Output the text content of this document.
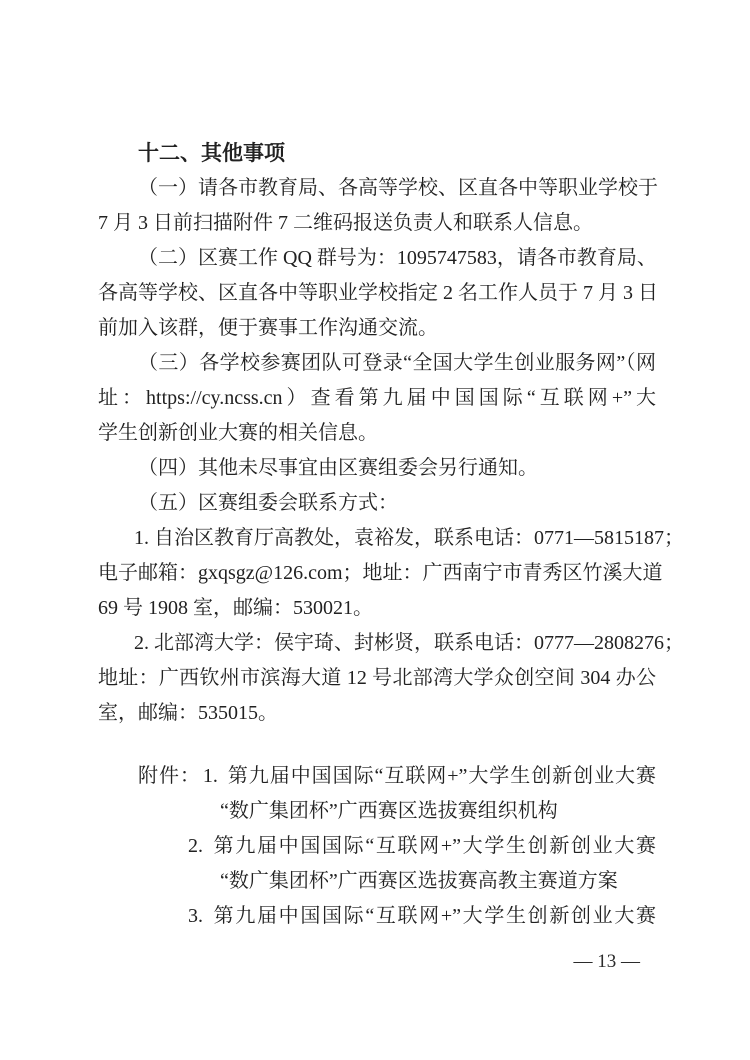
十二、其他事项
（一）请各市教育局、各高等学校、区直各中等职业学校于
7 月 3 日前扫描附件 7 二维码报送负责人和联系人信息。
（二）区赛工作 QQ 群号为：1095747583，请各市教育局、
各高等学校、区直各中等职业学校指定 2 名工作人员于 7 月 3 日
前加入该群，便于赛事工作沟通交流。
（三）各学校参赛团队可登录“全国大学生创业服务网”（网
址：https://cy.ncss.cn）查看第九届中国国际“互联网+”大
学生创新创业大赛的相关信息。
（四）其他未尽事宜由区赛组委会另行通知。
（五）区赛组委会联系方式：
1. 自治区教育厅高教处，袁裕发，联系电话：0771—5815187；
电子邮箱：gxqsgz@126.com；地址：广西南宁市青秀区竹溪大道
69 号 1908 室，邮编：530021。
2. 北部湾大学：侯宇琦、封彬贤，联系电话：0777—2808276；
地址：广西钦州市滨海大道 12 号北部湾大学众创空间 304 办公
室，邮编：535015。
附件： 1. 第九届中国国际“互联网+”大学生创新创业大赛
“数广集团杯”广西赛区选拔赛组织机构
2. 第九届中国国际“互联网+”大学生创新创业大赛
“数广集团杯”广西赛区选拔赛高教主赛道方案
3. 第九届中国国际“互联网+”大学生创新创业大赛
— 13 —
